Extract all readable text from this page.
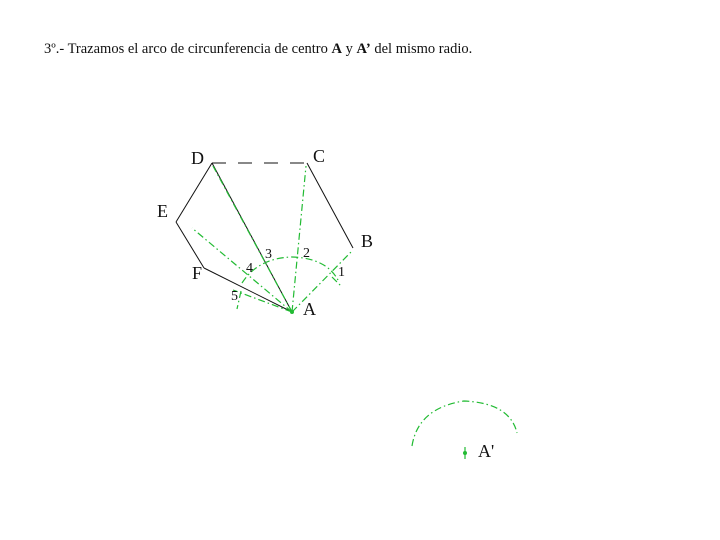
3º.- Trazamos el arco de circunferencia de centro A y A’ del mismo radio.
D	C
E
B
F
A
A'
1
2
3
4
5
